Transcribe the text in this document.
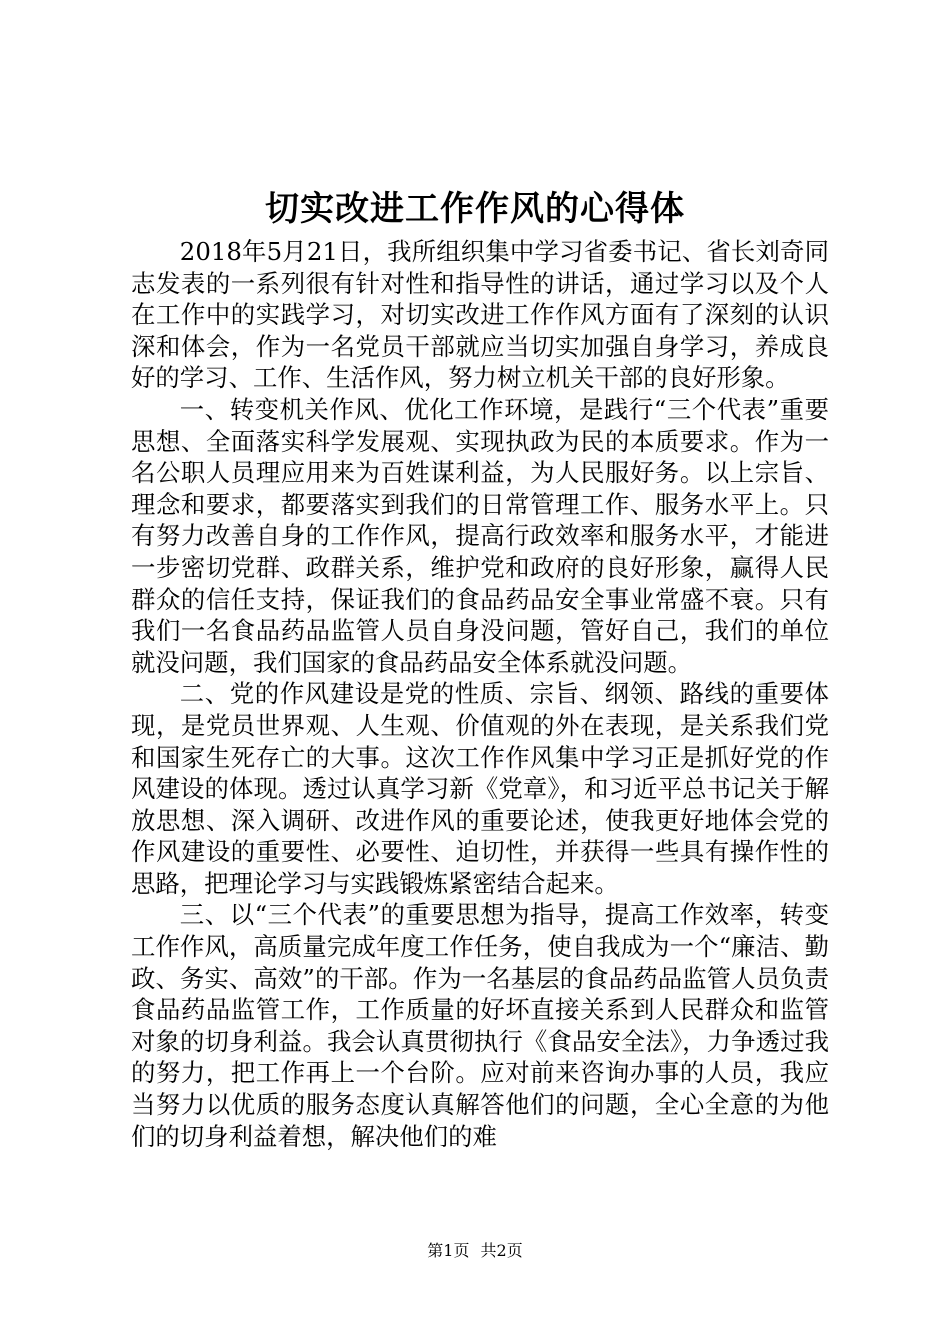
切实改进工作作风的心得体

2018年5月21日，我所组织集中学习省委书记、省长刘奇同志发表的一系列很有针对性和指导性的讲话，通过学习以及个人在工作中的实践学习，对切实改进工作作风方面有了深刻的认识深和体会，作为一名党员干部就应当切实加强自身学习，养成良好的学习、工作、生活作风，努力树立机关干部的良好形象。

一、转变机关作风、优化工作环境，是践行“三个代表”重要思想、全面落实科学发展观、实现执政为民的本质要求。作为一名公职人员理应用来为百姓谋利益，为人民服好务。以上宗旨、理念和要求，都要落实到我们的日常管理工作、服务水平上。只有努力改善自身的工作作风，提高行政效率和服务水平，才能进一步密切党群、政群关系，维护党和政府的良好形象，赢得人民群众的信任支持，保证我们的食品药品安全事业常盛不衰。只有我们一名食品药品监管人员自身没问题，管好自己，我们的单位就没问题，我们国家的食品药品安全体系就没问题。

二、党的作风建设是党的性质、宗旨、纲领、路线的重要体现，是党员世界观、人生观、价值观的外在表现，是关系我们党和国家生死存亡的大事。这次工作作风集中学习正是抓好党的作风建设的体现。透过认真学习新《党章》，和习近平总书记关于解放思想、深入调研、改进作风的重要论述，使我更好地体会党的作风建设的重要性、必要性、迫切性，并获得一些具有操作性的思路，把理论学习与实践锻炼紧密结合起来。

三、以“三个代表”的重要思想为指导，提高工作效率，转变工作作风，高质量完成年度工作任务，使自我成为一个“廉洁、勤政、务实、高效”的干部。作为一名基层的食品药品监管人员负责食品药品监管工作，工作质量的好坏直接关系到人民群众和监管对象的切身利益。我会认真贯彻执行《食品安全法》，力争透过我的努力，把工作再上一个台阶。应对前来咨询办事的人员，我应当努力以优质的服务态度认真解答他们的问题，全心全意的为他们的切身利益着想，解决他们的难

第1页 共2页
